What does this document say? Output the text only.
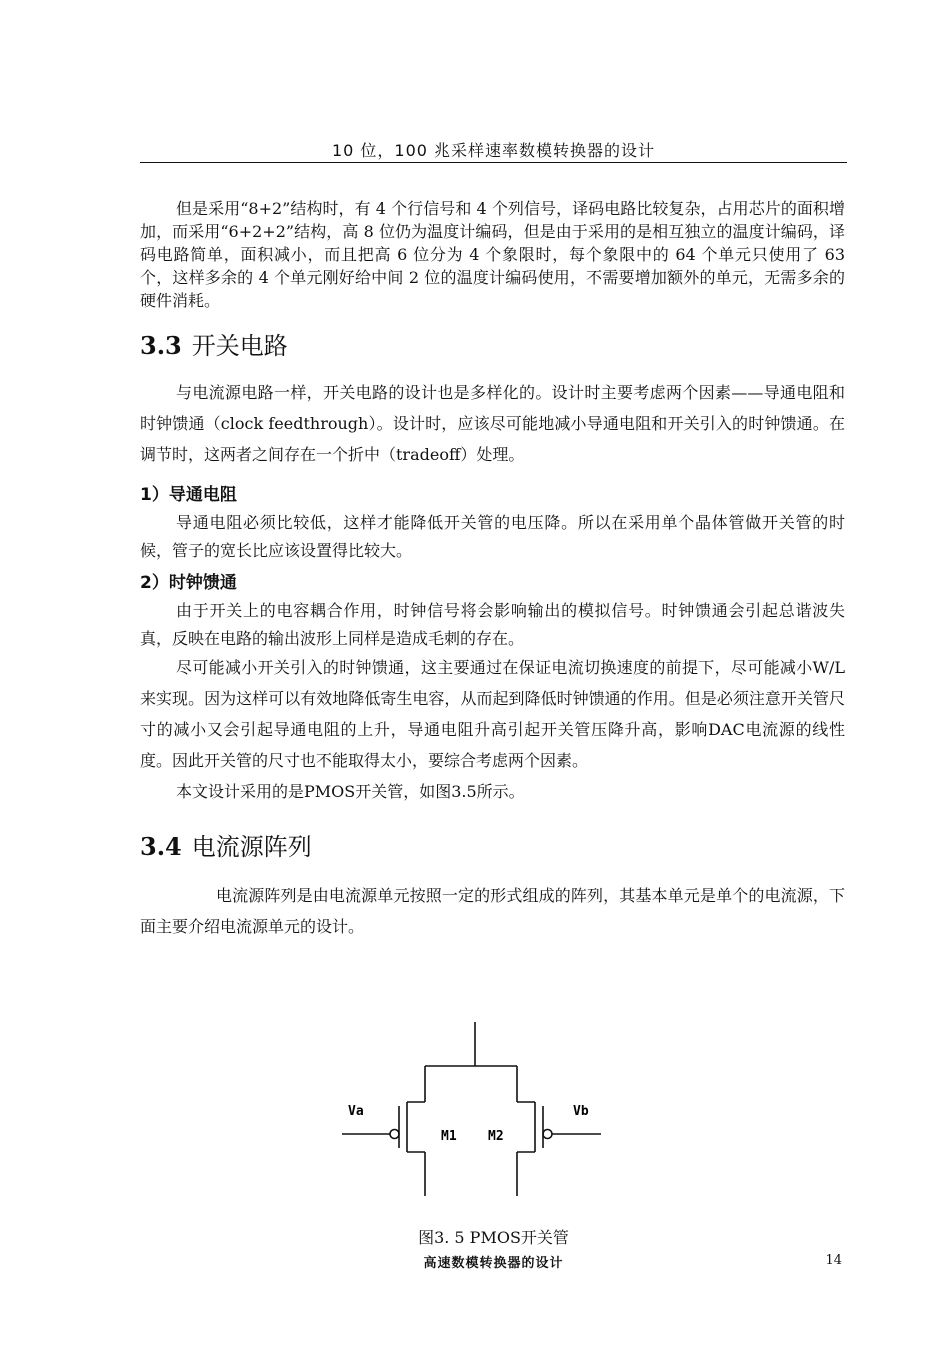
10 位，100 兆采样速率数模转换器的设计

但是采用“8+2”结构时，有 4 个行信号和 4 个列信号，译码电路比较复杂，占用芯片的面积增加，而采用“6+2+2”结构，高 8 位仍为温度计编码，但是由于采用的是相互独立的温度计编码，译码电路简单，面积减小，而且把高 6 位分为 4 个象限时，每个象限中的 64 个单元只使用了 63 个，这样多余的 4 个单元刚好给中间 2 位的温度计编码使用，不需要增加额外的单元，无需多余的硬件消耗。

3.3 开关电路

与电流源电路一样，开关电路的设计也是多样化的。设计时主要考虑两个因素——导通电阻和时钟馈通（clock feedthrough）。设计时，应该尽可能地减小导通电阻和开关引入的时钟馈通。在调节时，这两者之间存在一个折中（tradeoff）处理。

1）导通电阻

导通电阻必须比较低，这样才能降低开关管的电压降。所以在采用单个晶体管做开关管的时候，管子的宽长比应该设置得比较大。

2）时钟馈通

由于开关上的电容耦合作用，时钟信号将会影响输出的模拟信号。时钟馈通会引起总谐波失真，反映在电路的输出波形上同样是造成毛刺的存在。

尽可能减小开关引入的时钟馈通，这主要通过在保证电流切换速度的前提下，尽可能减小W/L来实现。因为这样可以有效地降低寄生电容，从而起到降低时钟馈通的作用。但是必须注意开关管尺寸的减小又会引起导通电阻的上升，导通电阻升高引起开关管压降升高，影响DAC电流源的线性度。因此开关管的尺寸也不能取得太小，要综合考虑两个因素。

本文设计采用的是PMOS开关管，如图3.5所示。

3.4 电流源阵列

电流源阵列是由电流源单元按照一定的形式组成的阵列，其基本单元是单个的电流源，下面主要介绍电流源单元的设计。

Va	Vb
M1 M2
图3. 5 PMOS开关管
高速数模转换器的设计	14
